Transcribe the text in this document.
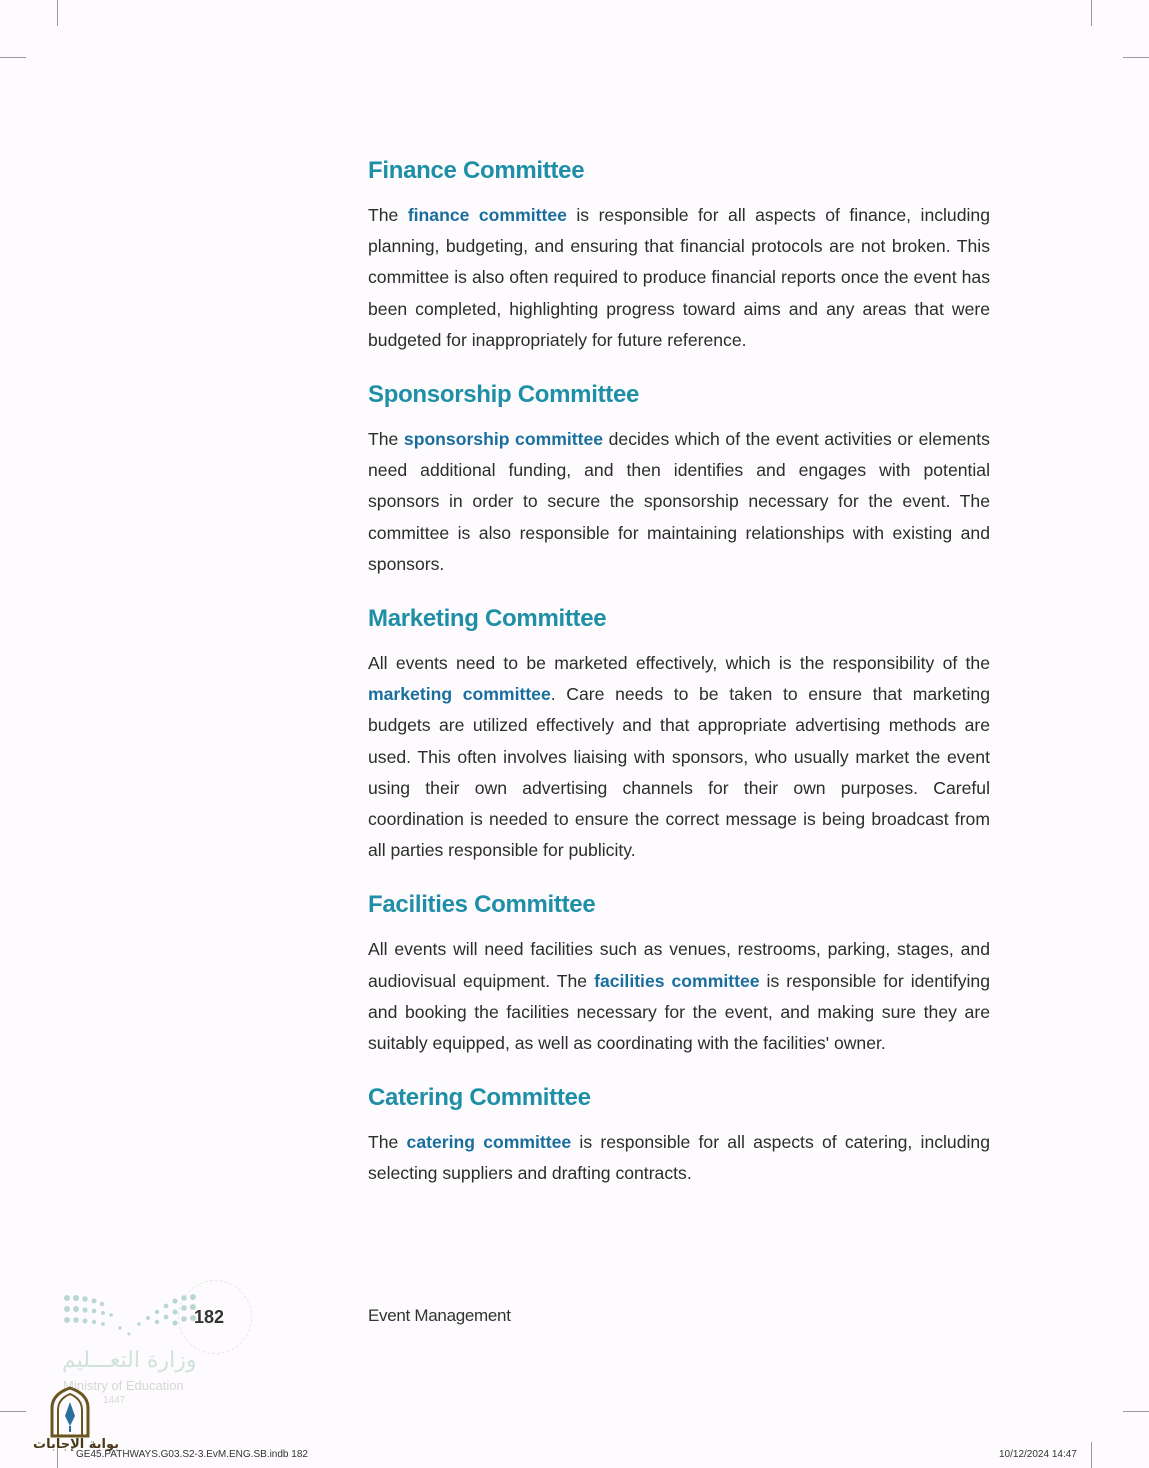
Finance Committee

The finance committee is responsible for all aspects of finance, including planning, budgeting, and ensuring that financial protocols are not broken. This committee is also often required to produce financial reports once the event has been completed, highlighting progress toward aims and any areas that were budgeted for inappropriately for future reference.

Sponsorship Committee

The sponsorship committee decides which of the event activities or elements need additional funding, and then identifies and engages with potential sponsors in order to secure the sponsorship necessary for the event. The committee is also responsible for maintaining relationships with existing and sponsors.

Marketing Committee

All events need to be marketed effectively, which is the responsibility of the marketing committee. Care needs to be taken to ensure that marketing budgets are utilized effectively and that appropriate advertising methods are used. This often involves liaising with sponsors, who usually market the event using their own advertising channels for their own purposes. Careful coordination is needed to ensure the correct message is being broadcast from all parties responsible for publicity.

Facilities Committee

All events will need facilities such as venues, restrooms, parking, stages, and audiovisual equipment. The facilities committee is responsible for identifying and booking the facilities necessary for the event, and making sure they are suitably equipped, as well as coordinating with the facilities' owner.

Catering Committee

The catering committee is responsible for all aspects of catering, including selecting suppliers and drafting contracts.

182	Event Management
وزارة التعـــليم
Ministry of Education
1447
بوابة الإجابات
GE45.PATHWAYS.G03.S2-3.EvM.ENG.SB.indb 182	10/12/2024 14:47
